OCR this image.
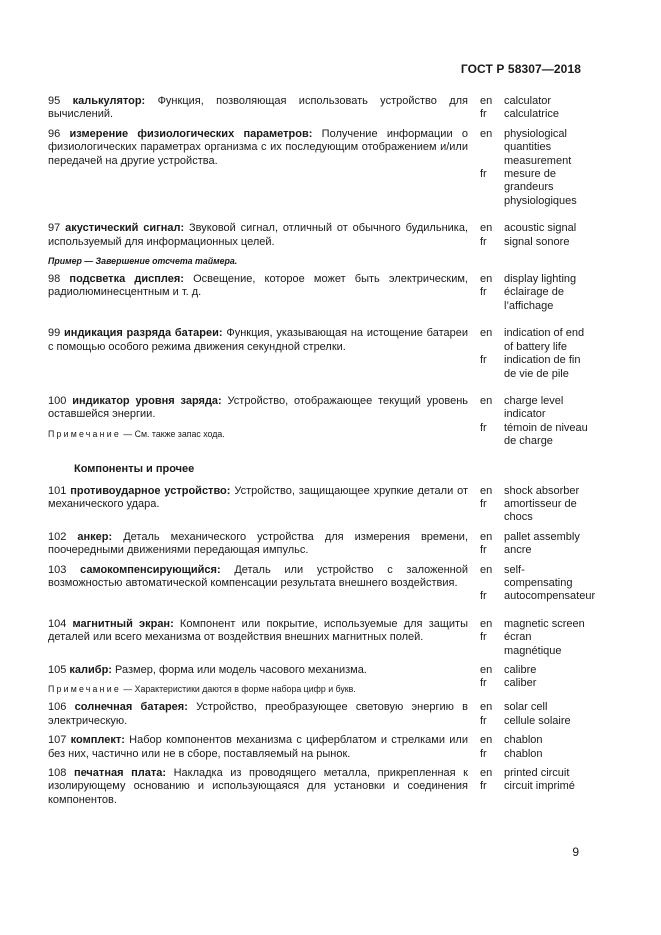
ГОСТ Р 58307—2018
95 калькулятор: Функция, позволяющая использовать устройство для вычислений.
en	calculator
fr	calculatrice
96 измерение физиологических параметров: Получение информации о физиологических параметрах организма с их последующим отображением и/или передачей на другие устройства.
en	physiological quantities measurement
fr	mesure de grandeurs physiologiques
97 акустический сигнал: Звуковой сигнал, отличный от обычного будильника, используемый для информационных целей.
Пример — Завершение отсчета таймера.
en	acoustic signal
fr	signal sonore
98 подсветка дисплея: Освещение, которое может быть электрическим, радиолюминесцентным и т. д.
en	display lighting
fr	éclairage de l’affichage
99 индикация разряда батареи: Функция, указывающая на истощение батареи с помощью особого режима движения секундной стрелки.
en	indication of end of battery life
fr	indication de fin de vie de pile
100 индикатор уровня заряда: Устройство, отображающее текущий уровень оставшейся энергии.
Примечание — См. также запас хода.
en	charge level indicator
fr	témoin de niveau de charge
Компоненты и прочее
101 противоударное устройство: Устройство, защищающее хрупкие детали от механического удара.
en	shock absorber
fr	amortisseur de chocs
102 анкер: Деталь механического устройства для измерения времени, поочередными движениями передающая импульс.
en	pallet assembly
fr	ancre
103 самокомпенсирующийся: Деталь или устройство с заложенной возможностью автоматической компенсации результата внешнего воздействия.
en	self-compensating
fr	autocompensateur
104 магнитный экран: Компонент или покрытие, используемые для защиты деталей или всего механизма от воздействия внешних магнитных полей.
en	magnetic screen
fr	écran magnétique
105 калибр: Размер, форма или модель часового механизма.
Примечание — Характеристики даются в форме набора цифр и букв.
en	calibre
fr	caliber
106 солнечная батарея: Устройство, преобразующее световую энергию в электрическую.
en	solar cell
fr	cellule solaire
107 комплект: Набор компонентов механизма с циферблатом и стрелками или без них, частично или не в сборе, поставляемый на рынок.
en	chablon
fr	chablon
108 печатная плата: Накладка из проводящего металла, прикрепленная к изолирующему основанию и использующаяся для установки и соединения компонентов.
en	printed circuit
fr	circuit imprimé
9
